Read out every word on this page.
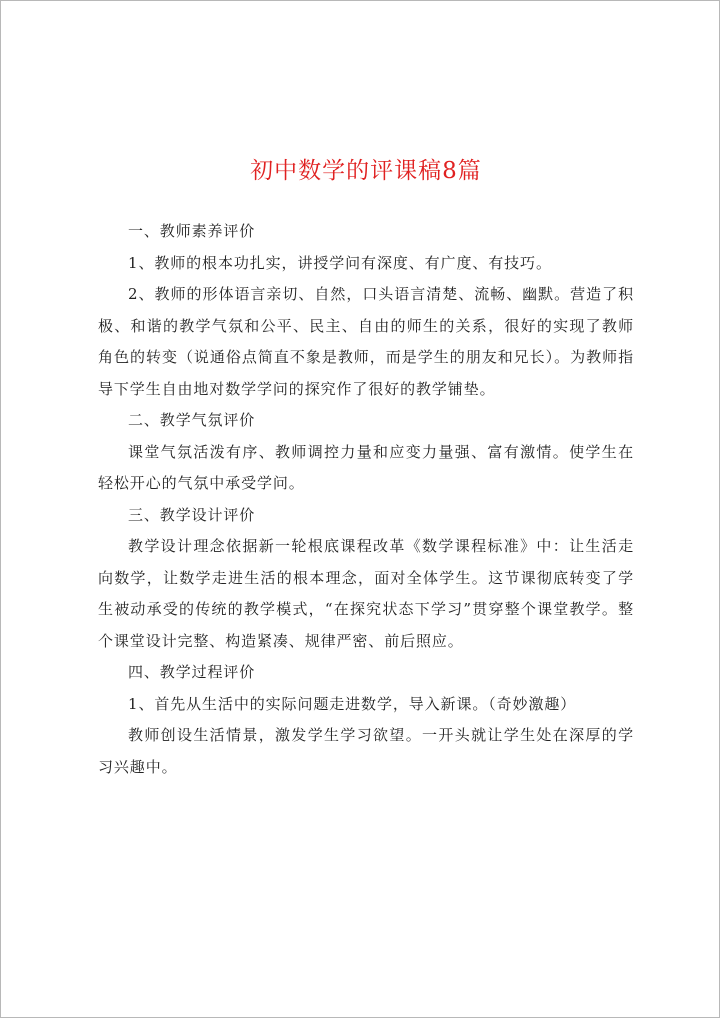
初中数学的评课稿8篇

一、教师素养评价

1、教师的根本功扎实，讲授学问有深度、有广度、有技巧。

2、教师的形体语言亲切、自然，口头语言清楚、流畅、幽默。营造了积极、和谐的教学气氛和公平、民主、自由的师生的关系，很好的实现了教师角色的转变（说通俗点简直不象是教师，而是学生的朋友和兄长）。为教师指导下学生自由地对数学学问的探究作了很好的教学铺垫。

二、教学气氛评价

课堂气氛活泼有序、教师调控力量和应变力量强、富有激情。使学生在轻松开心的气氛中承受学问。

三、教学设计评价

教学设计理念依据新一轮根底课程改革《数学课程标准》中：让生活走向数学，让数学走进生活的根本理念，面对全体学生。这节课彻底转变了学生被动承受的传统的教学模式，“在探究状态下学习”贯穿整个课堂教学。整个课堂设计完整、构造紧凑、规律严密、前后照应。

四、教学过程评价

1、首先从生活中的实际问题走进数学，导入新课。（奇妙激趣）

教师创设生活情景，激发学生学习欲望。一开头就让学生处在深厚的学习兴趣中。
